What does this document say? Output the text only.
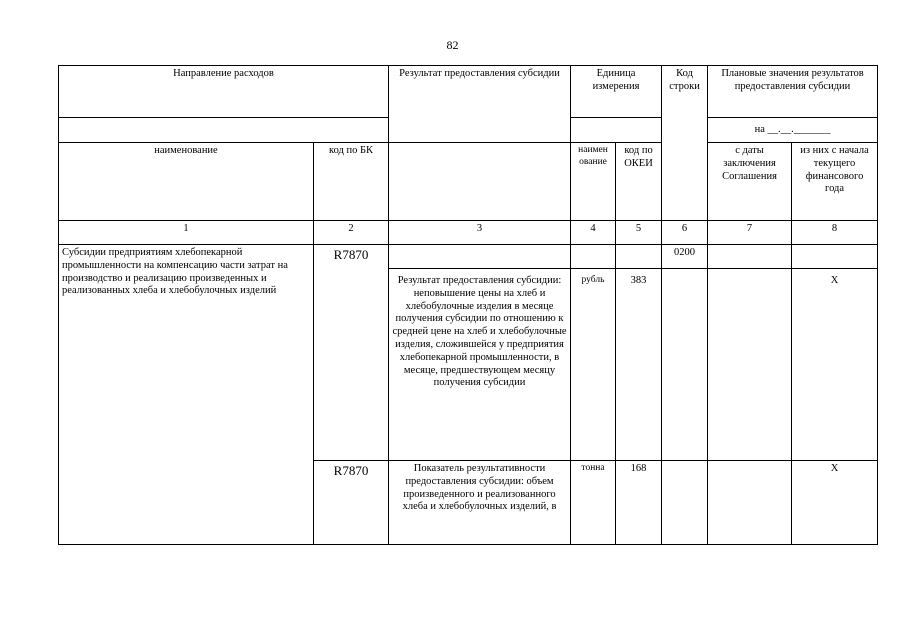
82
Направление расходов		Результат предоставления субсидии	Единица измерения		Код строки	Плановые значения результатов предоставления субсидии	
						на __.__._______	
наименование	код по БК		наимен ование	код по ОКЕИ		с даты заключения Соглашения	из них с начала текущего финансового года
1	2	3	4	5	6	7	8
Субсидии предприятиям хлебопекарной промышленности на компенсацию части затрат на производство и реализацию произведенных и реализованных хлеба и хлебобулочных изделий	R7870				0200		
		Результат предоставления субсидии: неповышение цены на хлеб и хлебобулочные изделия в месяце получения субсидии по отношению к средней цене на хлеб и хлебобулочные изделия, сложившейся у предприятия хлебопекарной промышленности, в месяце, предшествующем месяцу получения субсидии	рубль	383			Х
	R7870	Показатель результативности предоставления субсидии: объем произведенного и реализованного хлеба и хлебобулочных изделий, в	тонна	168			Х
